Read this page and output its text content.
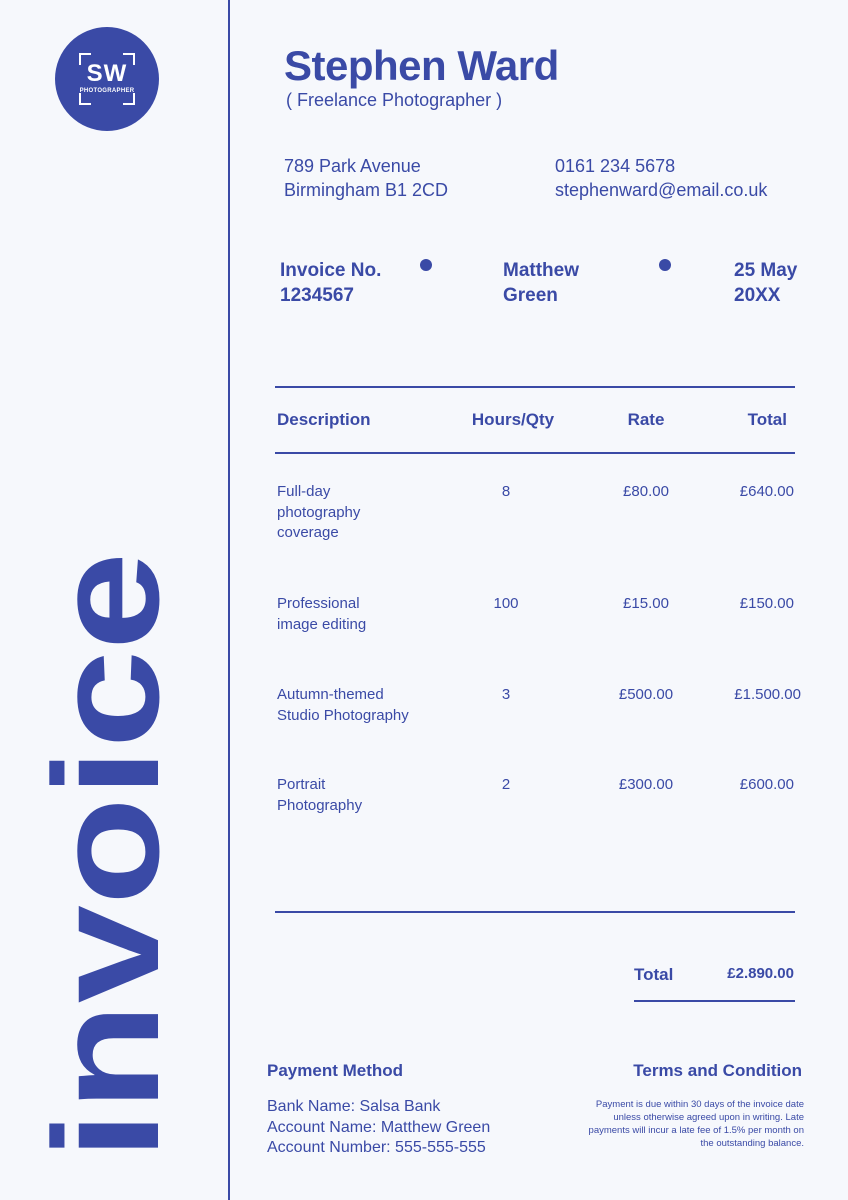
SW
PHOTOGRAPHER
invoice
Stephen Ward
( Freelance Photographer )
789 Park Avenue
Birmingham B1 2CD
0161 234 5678
stephenward@email.co.uk
Invoice No.
1234567
Matthew
Green
25 May
20XX
Description	Hours/Qty	Rate	Total
Full-day
photography
coverage
8	£80.00	£640.00
Professional
image editing
100	£15.00	£150.00
Autumn-themed
Studio Photography
3	£500.00	£1.500.00
Portrait
Photography
2	£300.00	£600.00
Total	£2.890.00
Payment Method
Bank Name: Salsa Bank
Account Name: Matthew Green
Account Number: 555-555-555
Terms and Condition
Payment is due within 30 days of the invoice date
unless otherwise agreed upon in writing. Late
payments will incur a late fee of 1.5% per month on
the outstanding balance.
